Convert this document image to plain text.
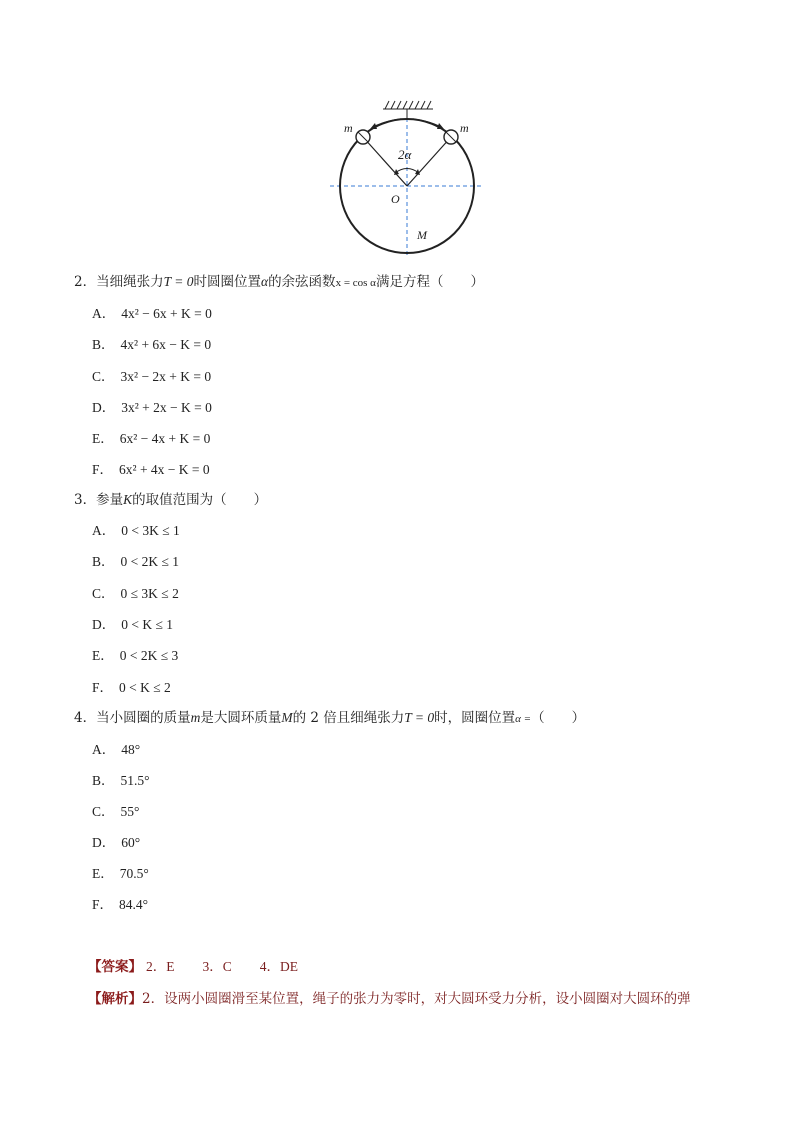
m	m
2α
O
M
2．当细绳张力T = 0时圆圈位置α的余弦函数x = cos α满足方程（　　）
A． 4x² − 6x + K = 0
B． 4x² + 6x − K = 0
C． 3x² − 2x + K = 0
D． 3x² + 2x − K = 0
E． 6x² − 4x + K = 0
F． 6x² + 4x − K = 0
3．参量K的取值范围为（　　）
A． 0 < 3K ≤ 1
B． 0 < 2K ≤ 1
C． 0 ≤ 3K ≤ 2
D． 0 < K ≤ 1
E． 0 < 2K ≤ 3
F． 0 < K ≤ 2
4．当小圆圈的质量m是大圆环质量M的 2 倍且细绳张力T = 0时，圆圈位置α =（　　）
A． 48°
B． 51.5°
C． 55°
D． 60°
E． 70.5°
F． 84.4°
【答案】 2．E 3．C 4．DE
【解析】2．设两小圆圈滑至某位置，绳子的张力为零时，对大圆环受力分析，设小圆圈对大圆环的弹
